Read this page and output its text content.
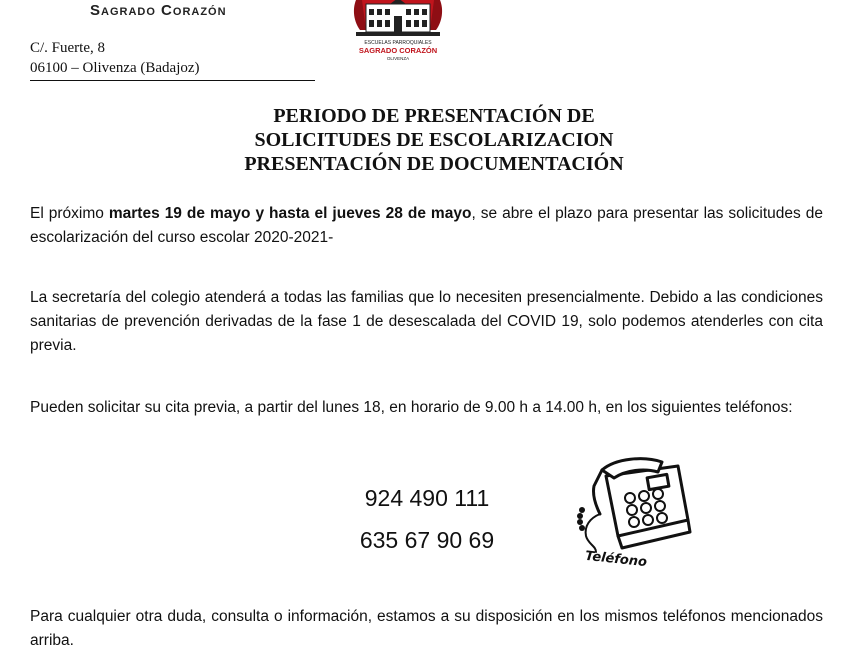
Sagrado Corazón
C/. Fuerte, 8
06100 – Olivenza (Badajoz)
ESCUELAS PARROQUIALES
SAGRADO CORAZÓN
OLIVENZA
PERIODO DE PRESENTACIÓN DE
SOLICITUDES DE ESCOLARIZACION
PRESENTACIÓN DE DOCUMENTACIÓN
El próximo martes 19 de mayo y hasta el jueves 28 de mayo, se abre el plazo para presentar las solicitudes de escolarización del curso escolar 2020-2021-
La secretaría del colegio atenderá a todas las familias que lo necesiten presencialmente. Debido a las condiciones sanitarias de prevención derivadas de la fase 1 de desescalada del COVID 19, solo podemos atenderles con cita previa.
Pueden solicitar su cita previa, a partir del lunes 18, en horario de 9.00 h a 14.00 h, en los siguientes teléfonos:
924 490 111
635 67 90 69
Teléfono
Para cualquier otra duda, consulta o información, estamos a su disposición en los mismos teléfonos mencionados arriba.
